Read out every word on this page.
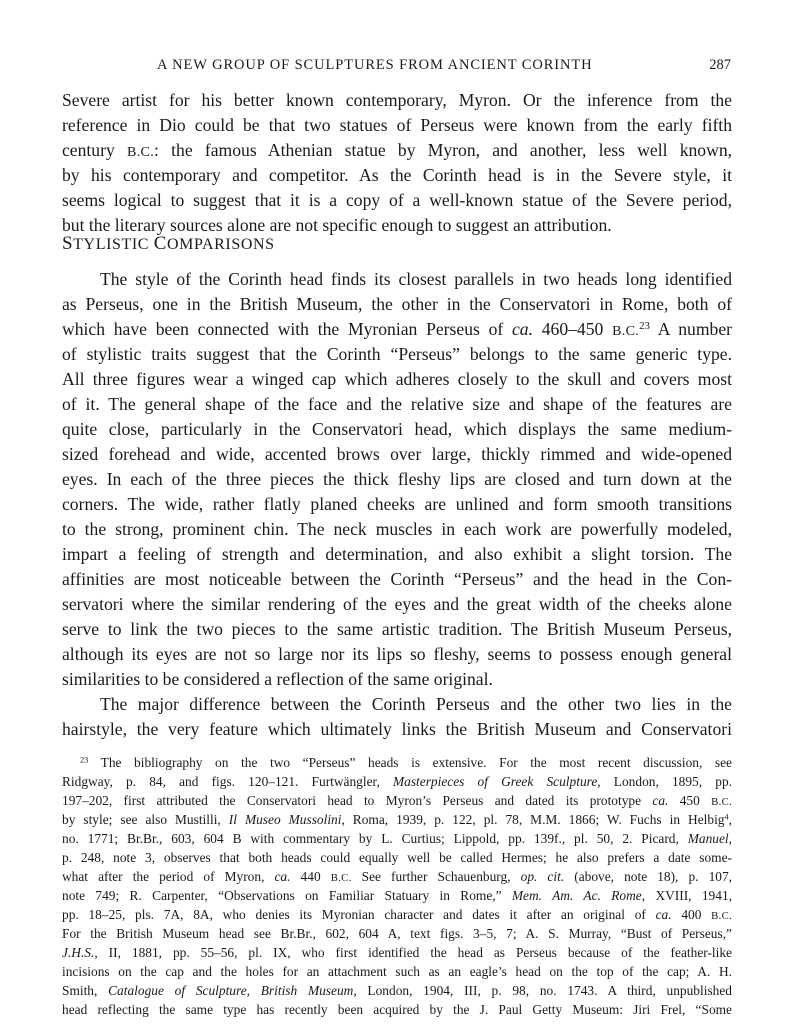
A NEW GROUP OF SCULPTURES FROM ANCIENT CORINTH	287
Severe artist for his better known contemporary, Myron. Or the inference from the
reference in Dio could be that two statues of Perseus were known from the early fifth
century B.C.: the famous Athenian statue by Myron, and another, less well known,
by his contemporary and competitor. As the Corinth head is in the Severe style, it
seems logical to suggest that it is a copy of a well-known statue of the Severe period,
but the literary sources alone are not specific enough to suggest an attribution.
STYLISTIC COMPARISONS
The style of the Corinth head finds its closest parallels in two heads long identified
as Perseus, one in the British Museum, the other in the Conservatori in Rome, both of
which have been connected with the Myronian Perseus of ca. 460–450 B.C.$^{23}$ A number
of stylistic traits suggest that the Corinth “Perseus” belongs to the same generic type.
All three figures wear a winged cap which adheres closely to the skull and covers most
of it. The general shape of the face and the relative size and shape of the features are
quite close, particularly in the Conservatori head, which displays the same medium-
sized forehead and wide, accented brows over large, thickly rimmed and wide-opened
eyes. In each of the three pieces the thick fleshy lips are closed and turn down at the
corners. The wide, rather flatly planed cheeks are unlined and form smooth transitions
to the strong, prominent chin. The neck muscles in each work are powerfully modeled,
impart a feeling of strength and determination, and also exhibit a slight torsion. The
affinities are most noticeable between the Corinth “Perseus” and the head in the Con-
servatori where the similar rendering of the eyes and the great width of the cheeks alone
serve to link the two pieces to the same artistic tradition. The British Museum Perseus,
although its eyes are not so large nor its lips so fleshy, seems to possess enough general
similarities to be considered a reflection of the same original.
The major difference between the Corinth Perseus and the other two lies in the
hairstyle, the very feature which ultimately links the British Museum and Conservatori
$^{23}$ The bibliography on the two “Perseus” heads is extensive. For the most recent discussion, see
Ridgway, p. 84, and figs. 120–121. Furtwängler, Masterpieces of Greek Sculpture, London, 1895, pp.
197–202, first attributed the Conservatori head to Myron’s Perseus and dated its prototype ca. 450 B.C.
by style; see also Mustilli, Il Museo Mussolini, Roma, 1939, p. 122, pl. 78, M.M. 1866; W. Fuchs in Helbig$^4$,
no. 1771; Br.Br., 603, 604 B with commentary by L. Curtius; Lippold, pp. 139f., pl. 50, 2. Picard, Manuel,
p. 248, note 3, observes that both heads could equally well be called Hermes; he also prefers a date some-
what after the period of Myron, ca. 440 B.C. See further Schauenburg, op. cit. (above, note 18), p. 107,
note 749; R. Carpenter, “Observations on Familiar Statuary in Rome,” Mem. Am. Ac. Rome, XVIII, 1941,
pp. 18–25, pls. 7A, 8A, who denies its Myronian character and dates it after an original of ca. 400 B.C.
For the British Museum head see Br.Br., 602, 604 A, text figs. 3–5, 7; A. S. Murray, “Bust of Perseus,”
J.H.S., II, 1881, pp. 55–56, pl. IX, who first identified the head as Perseus because of the feather-like
incisions on the cap and the holes for an attachment such as an eagle’s head on the top of the cap; A. H.
Smith, Catalogue of Sculpture, British Museum, London, 1904, III, p. 98, no. 1743. A third, unpublished
head reflecting the same type has recently been acquired by the J. Paul Getty Museum: Jiri Frel, “Some
